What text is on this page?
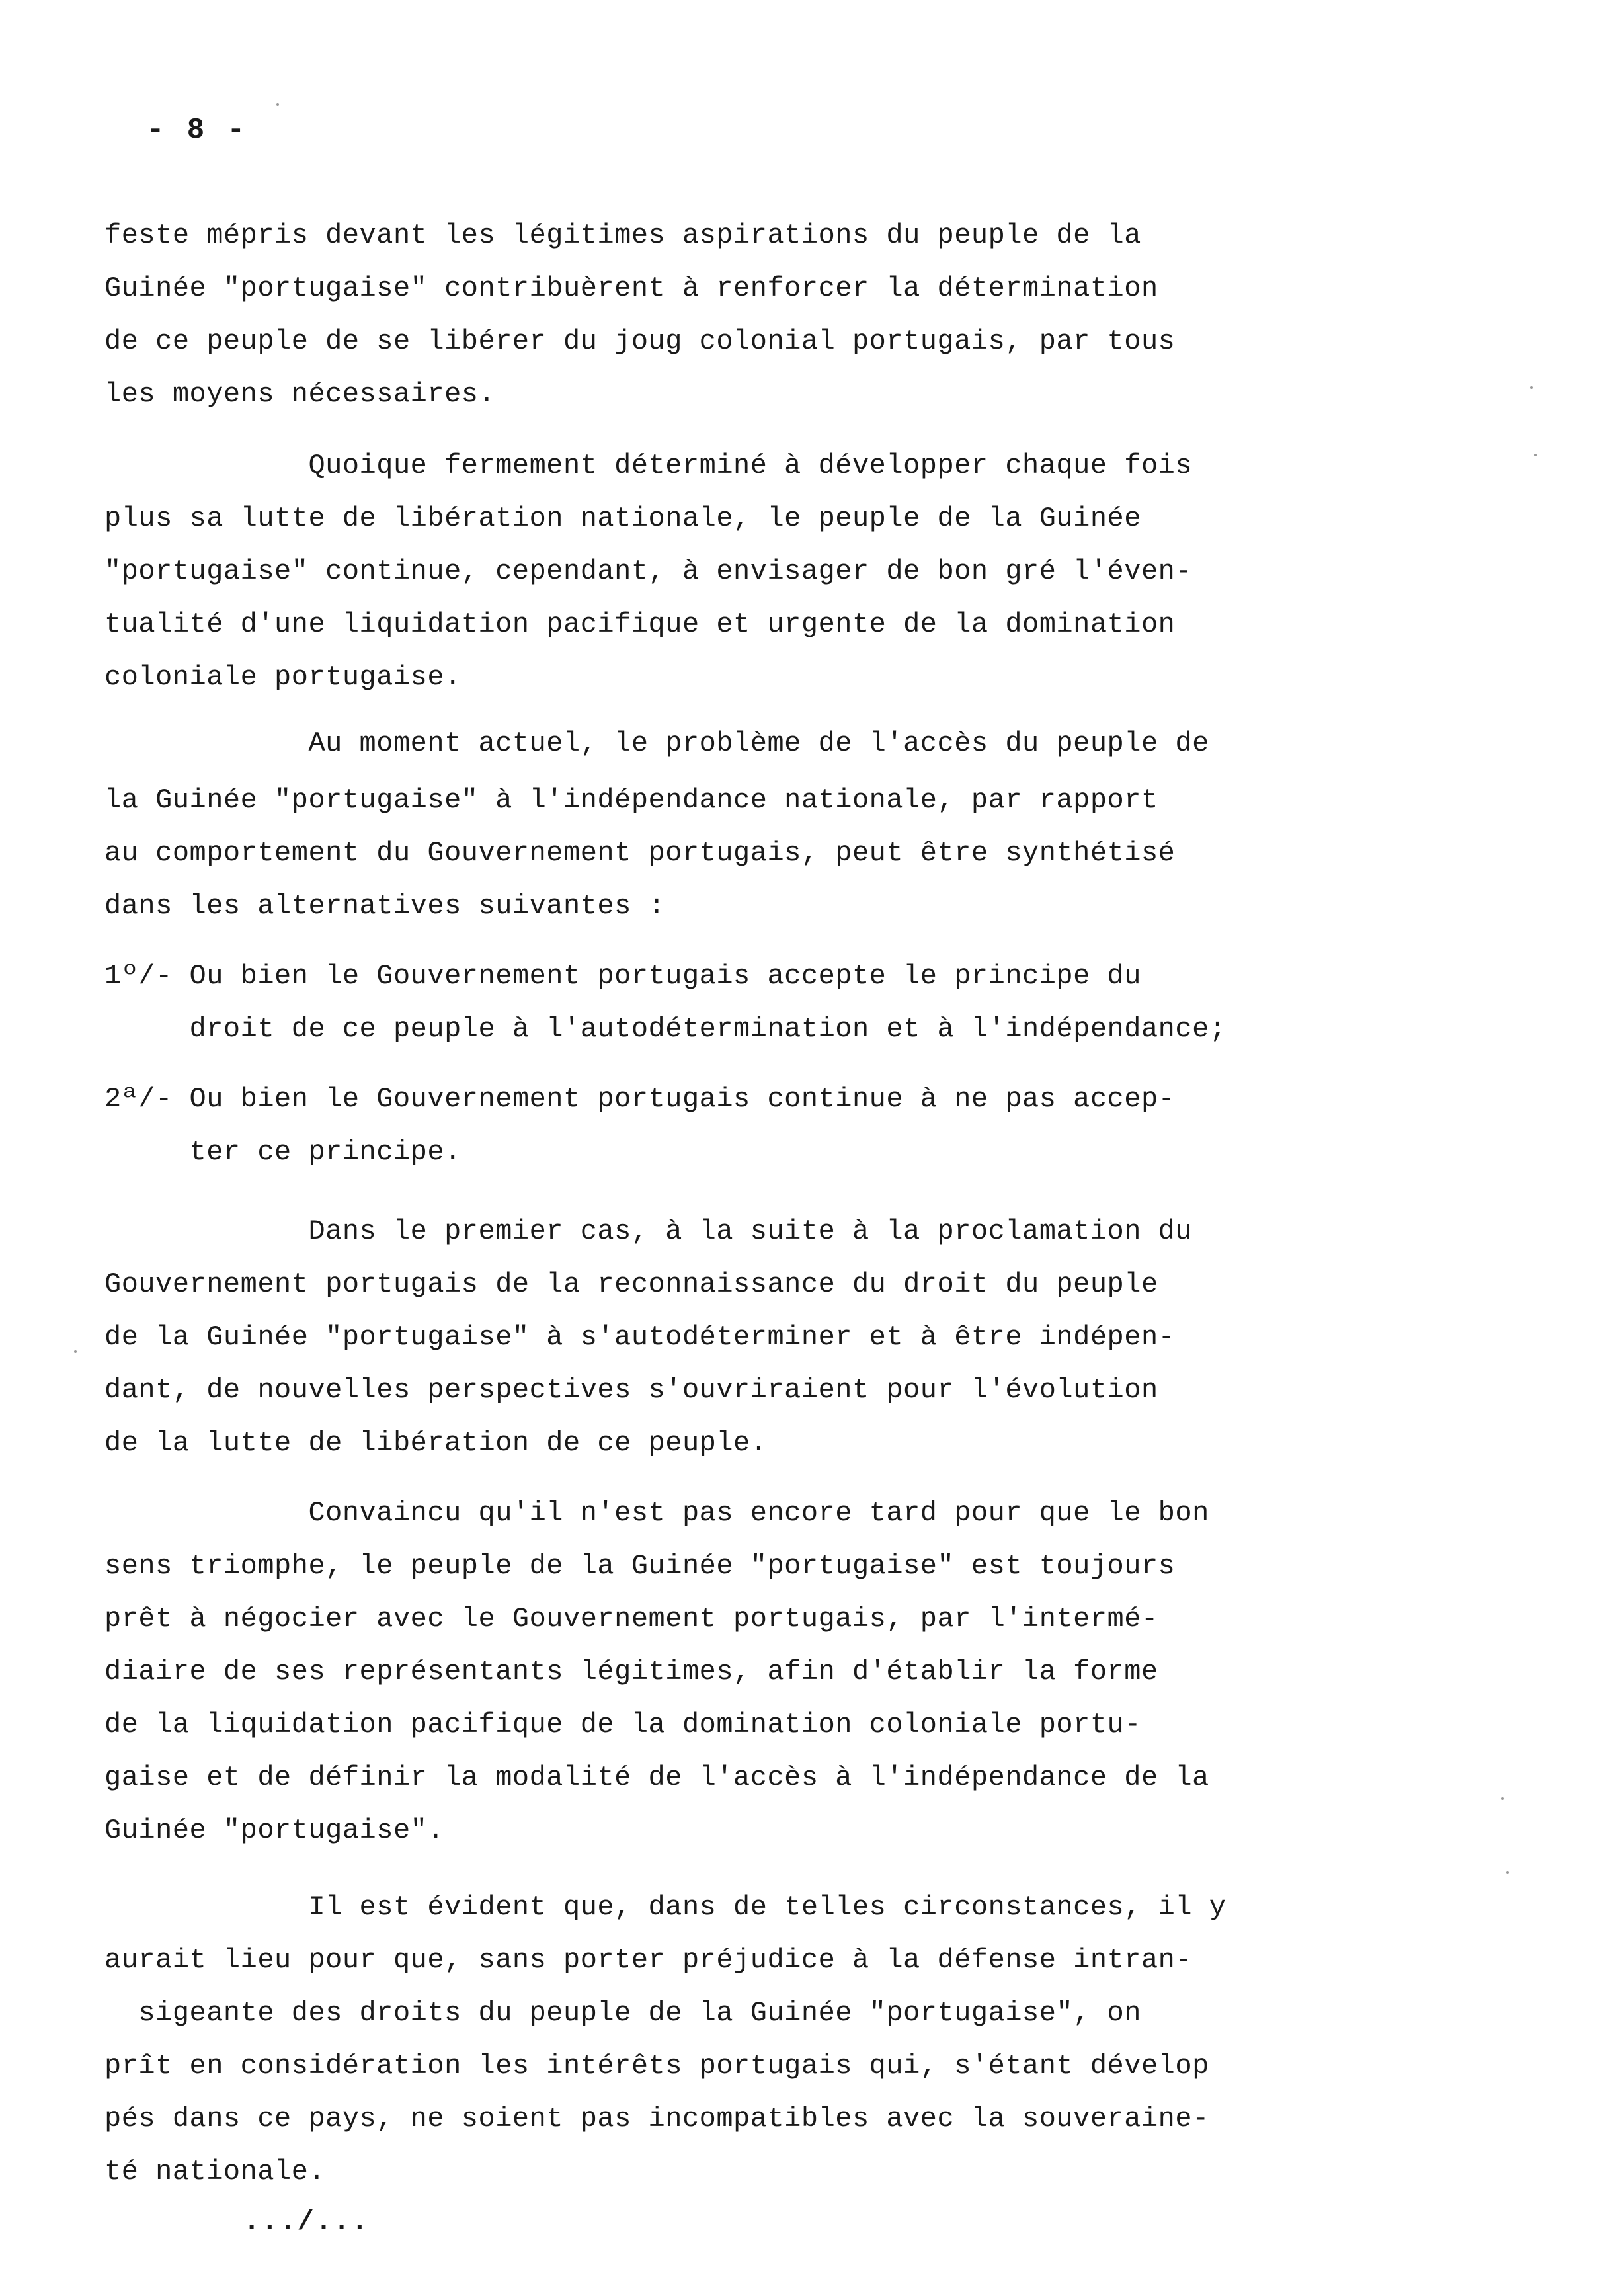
- 8 -
feste mépris devant les légitimes aspirations du peuple de la
Guinée "portugaise" contribuèrent à renforcer la détermination
de ce peuple de se libérer du joug colonial portugais, par tous
les moyens nécessaires.
Quoique fermement déterminé à développer chaque fois
plus sa lutte de libération nationale, le peuple de la Guinée
"portugaise" continue, cependant, à envisager de bon gré l'éven-
tualité d'une liquidation pacifique et urgente de la domination
coloniale portugaise.
Au moment actuel, le problème de l'accès du peuple de
la Guinée "portugaise" à l'indépendance nationale, par rapport
au comportement du Gouvernement portugais, peut être synthétisé
dans les alternatives suivantes :
1º/- Ou bien le Gouvernement portugais accepte le principe du
droit de ce peuple à l'autodétermination et à l'indépendance;
2ª/- Ou bien le Gouvernement portugais continue à ne pas accep-
ter ce principe.
Dans le premier cas, à la suite à la proclamation du
Gouvernement portugais de la reconnaissance du droit du peuple
de la Guinée "portugaise" à s'autodéterminer et à être indépen-
dant, de nouvelles perspectives s'ouvriraient pour l'évolution
de la lutte de libération de ce peuple.
Convaincu qu'il n'est pas encore tard pour que le bon
sens triomphe, le peuple de la Guinée "portugaise" est toujours
prêt à négocier avec le Gouvernement portugais, par l'intermé-
diaire de ses représentants légitimes, afin d'établir la forme
de la liquidation pacifique de la domination coloniale portu-
gaise et de définir la modalité de l'accès à l'indépendance de la
Guinée "portugaise".
Il est évident que, dans de telles circonstances, il y
aurait lieu pour que, sans porter préjudice à la défense intran-
sigeante des droits du peuple de la Guinée "portugaise", on
prît en considération les intérêts portugais qui, s'étant dévelop
pés dans ce pays, ne soient pas incompatibles avec la souveraine-
té nationale.
.../...
